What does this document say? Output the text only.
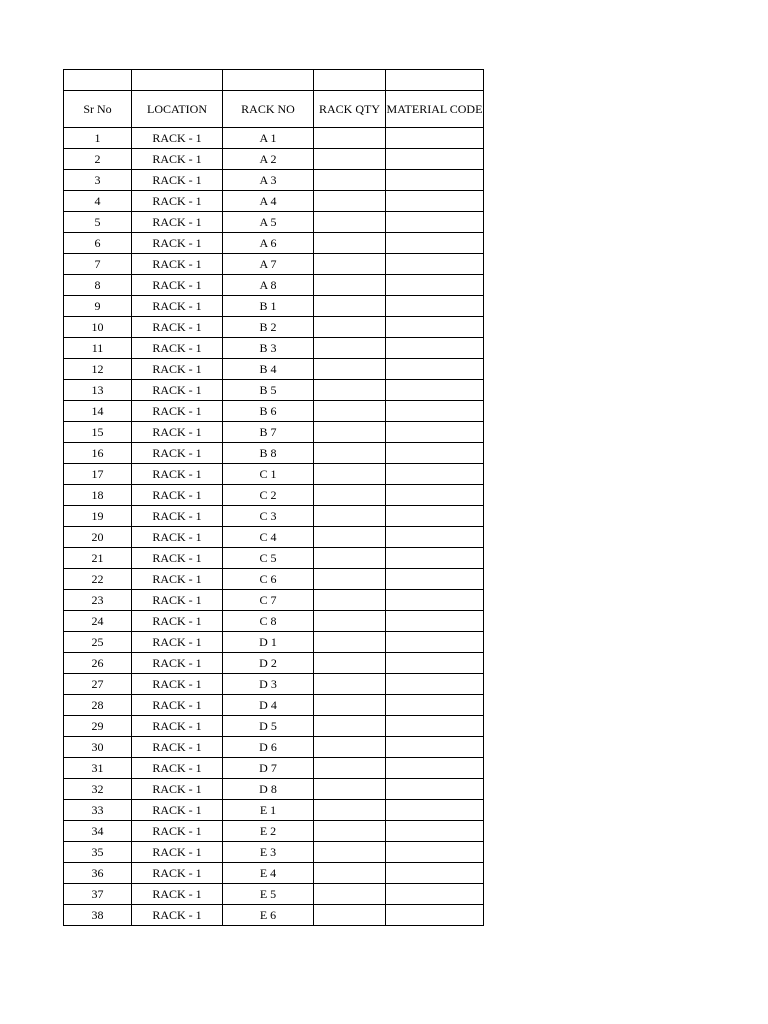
Sr No	LOCATION	RACK NO	RACK QTY	MATERIAL CODE
1	RACK - 1	A 1		
2	RACK - 1	A 2		
3	RACK - 1	A 3		
4	RACK - 1	A 4		
5	RACK - 1	A 5		
6	RACK - 1	A 6		
7	RACK - 1	A 7		
8	RACK - 1	A 8		
9	RACK - 1	B 1		
10	RACK - 1	B 2		
11	RACK - 1	B 3		
12	RACK - 1	B 4		
13	RACK - 1	B 5		
14	RACK - 1	B 6		
15	RACK - 1	B 7		
16	RACK - 1	B 8		
17	RACK - 1	C 1		
18	RACK - 1	C 2		
19	RACK - 1	C 3		
20	RACK - 1	C 4		
21	RACK - 1	C 5		
22	RACK - 1	C 6		
23	RACK - 1	C 7		
24	RACK - 1	C 8		
25	RACK - 1	D 1		
26	RACK - 1	D 2		
27	RACK - 1	D 3		
28	RACK - 1	D 4		
29	RACK - 1	D 5		
30	RACK - 1	D 6		
31	RACK - 1	D 7		
32	RACK - 1	D 8		
33	RACK - 1	E 1		
34	RACK - 1	E 2		
35	RACK - 1	E 3		
36	RACK - 1	E 4		
37	RACK - 1	E 5		
38	RACK - 1	E 6		
